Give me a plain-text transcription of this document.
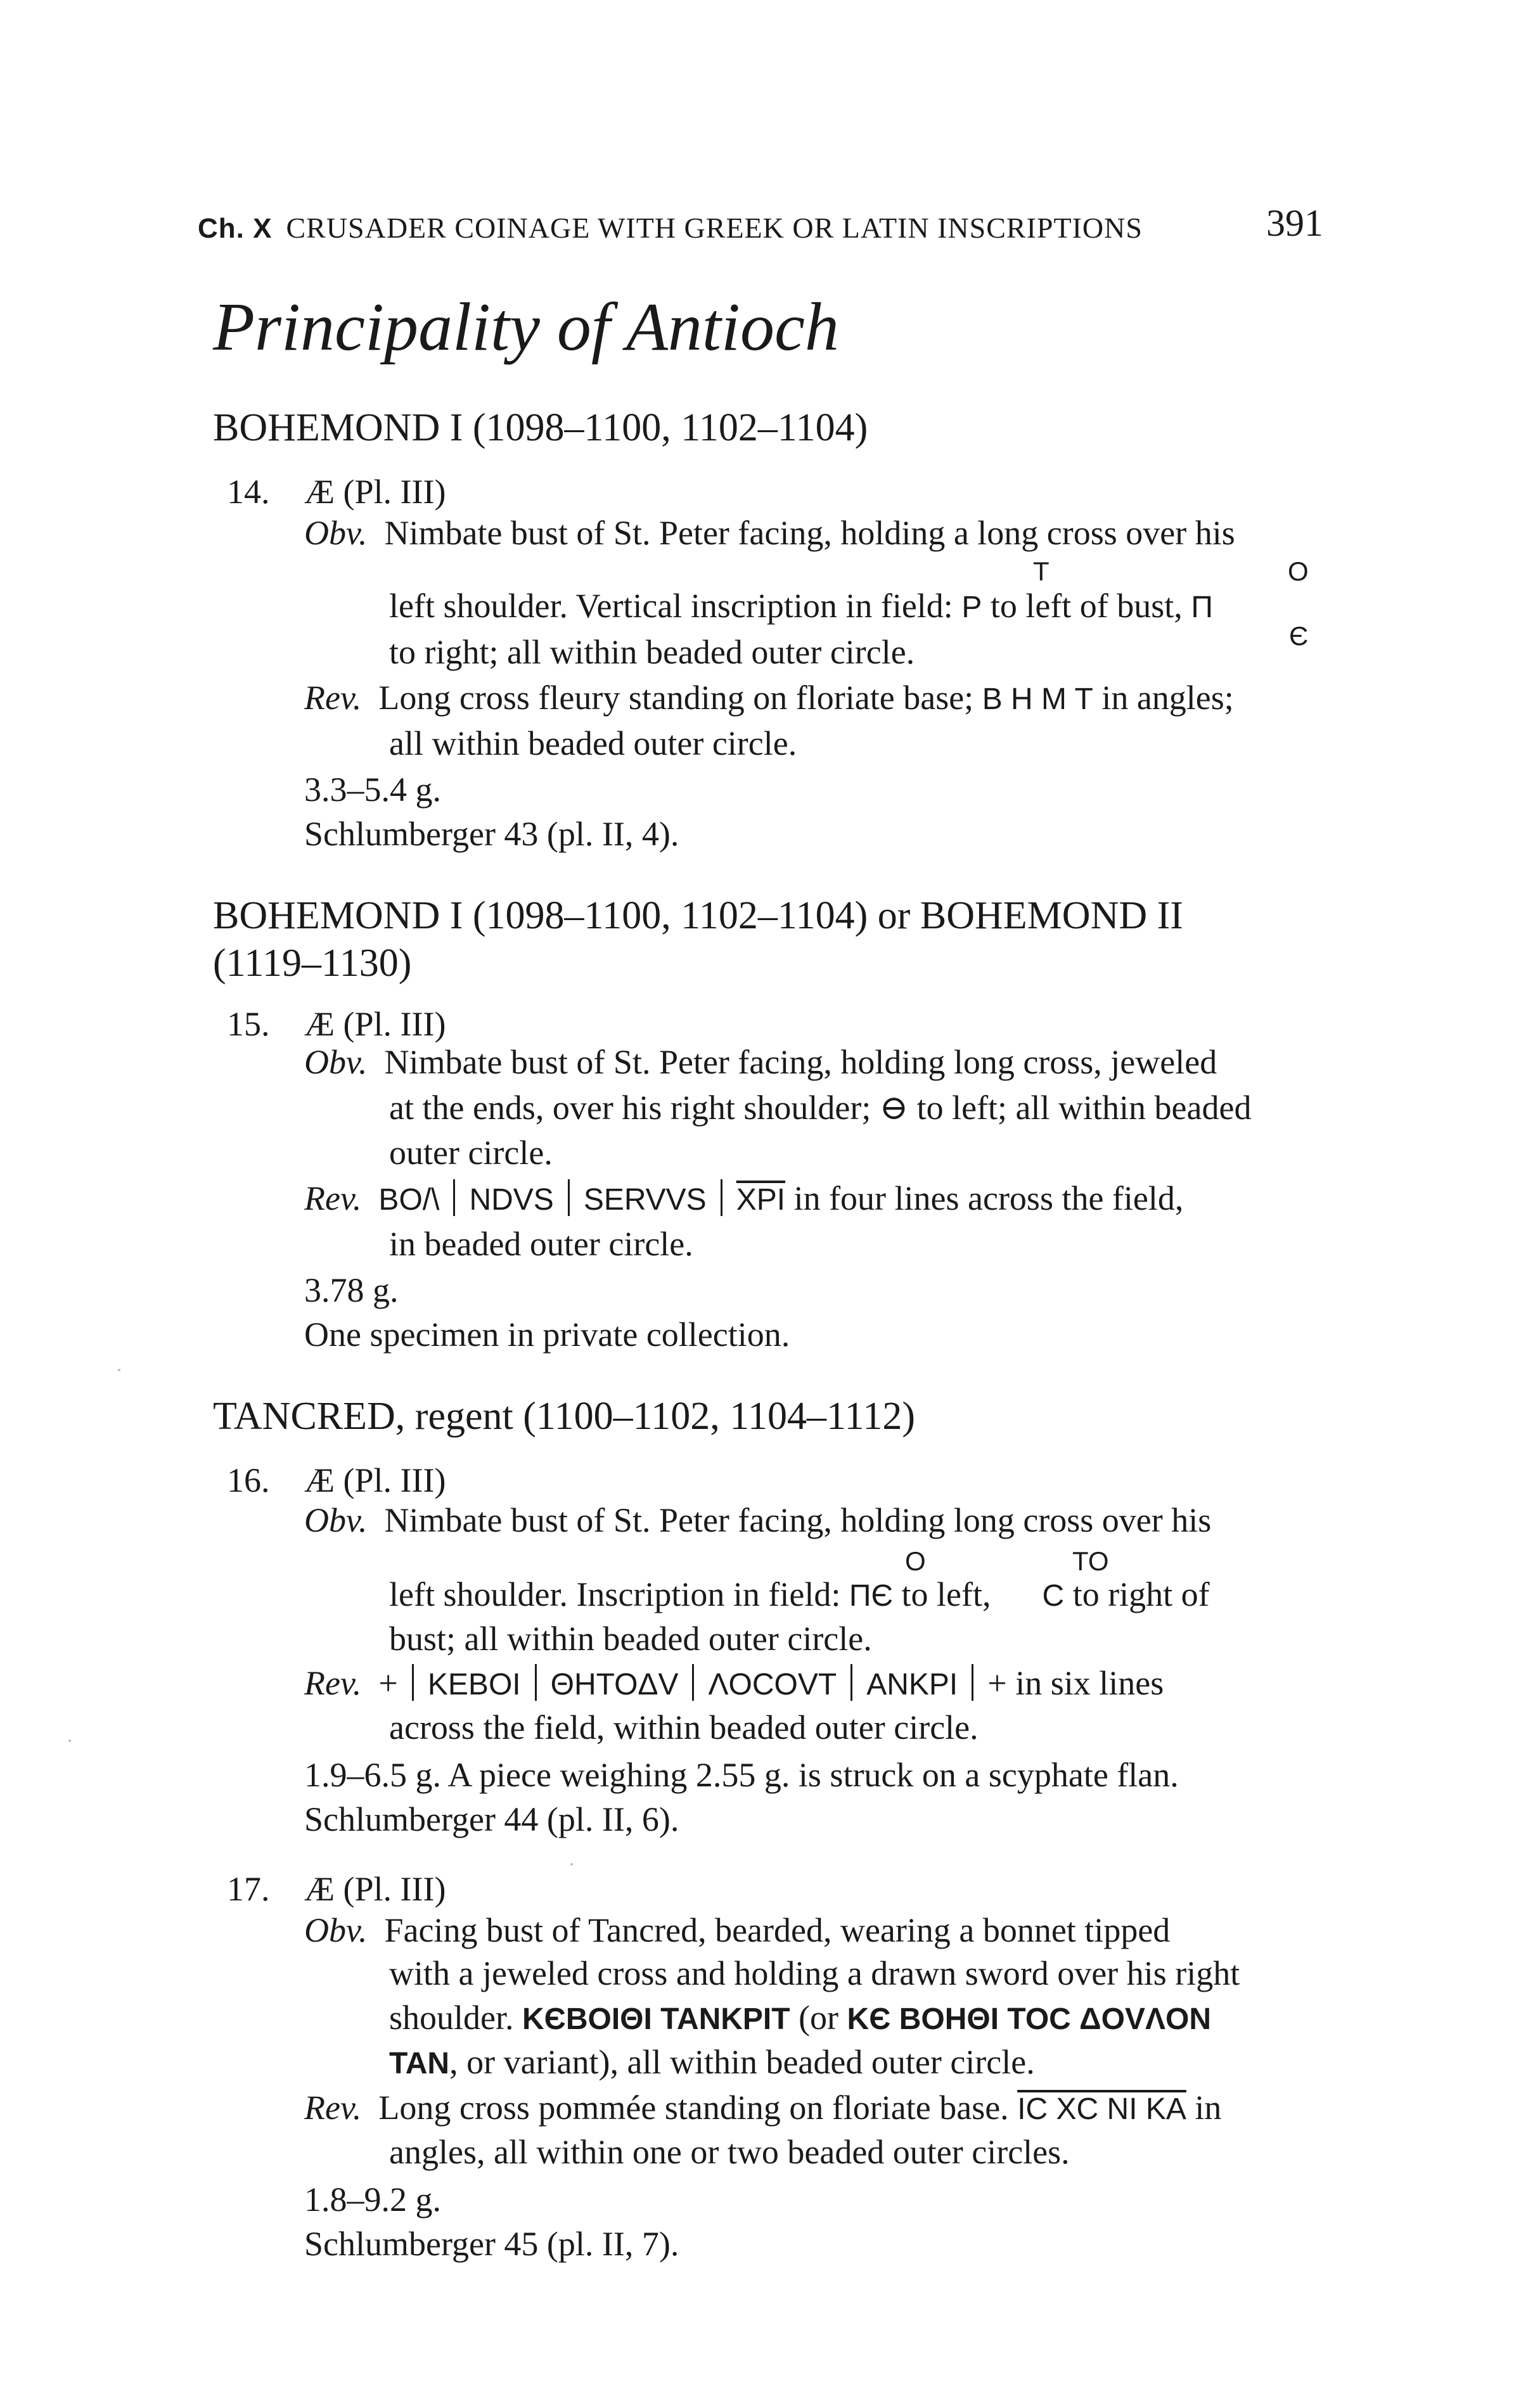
Ch. X CRUSADER COINAGE WITH GREEK OR LATIN INSCRIPTIONS	391
Principality of Antioch
BOHEMOND I (1098–1100, 1102–1104)
14. Æ (Pl. III)
Obv. Nimbate bust of St. Peter facing, holding a long cross over his
T	O
left shoulder. Vertical inscription in field: P to left of bust, Π
Є
to right; all within beaded outer circle.
Rev. Long cross fleury standing on floriate base; B H M T in angles;
all within beaded outer circle.
3.3–5.4 g.
Schlumberger 43 (pl. II, 4).
BOHEMOND I (1098–1100, 1102–1104) or BOHEMOND II
(1119–1130)
15. Æ (Pl. III)
Obv. Nimbate bust of St. Peter facing, holding long cross, jeweled
at the ends, over his right shoulder; ⊖ to left; all within beaded
outer circle.
Rev. BO/\ NDVS SERVVS $\overline{XPI}$ in four lines across the field,
in beaded outer circle.
3.78 g.
One specimen in private collection.
TANCRED, regent (1100–1102, 1104–1112)
16. Æ (Pl. III)
Obv. Nimbate bust of St. Peter facing, holding long cross over his
O	ΤΟ
left shoulder. Inscription in field: ΠЄ to left, C to right of
bust; all within beaded outer circle.
Rev. + KEBOI ΘHTOΔV ΛOCOVT ANKPI + in six lines
across the field, within beaded outer circle.
1.9–6.5 g. A piece weighing 2.55 g. is struck on a scyphate flan.
Schlumberger 44 (pl. II, 6).
17. Æ (Pl. III)
Obv. Facing bust of Tancred, bearded, wearing a bonnet tipped
with a jeweled cross and holding a drawn sword over his right
shoulder. KЄBOIΘI TANKPIΤ (or KЄ BOHΘI TOC ΔOVΛON
TAN, or variant), all within beaded outer circle.
Rev. Long cross pommée standing on floriate base. IC XC NI KA in
angles, all within one or two beaded outer circles.
1.8–9.2 g.
Schlumberger 45 (pl. II, 7).
